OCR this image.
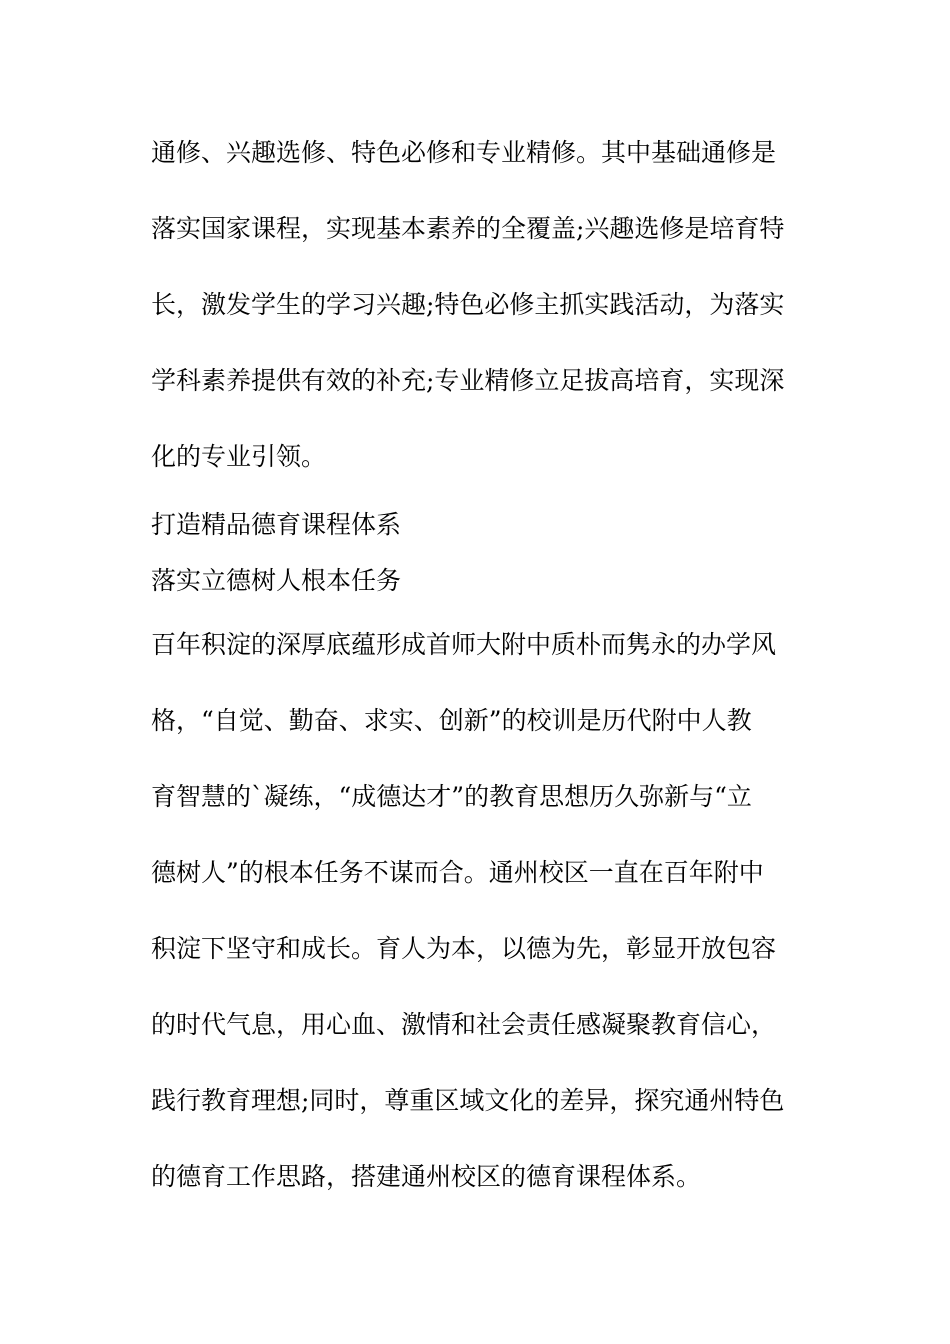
通修、兴趣选修、特色必修和专业精修。其中基础通修是
落实国家课程，实现基本素养的全覆盖;兴趣选修是培育特
长，激发学生的学习兴趣;特色必修主抓实践活动，为落实
学科素养提供有效的补充;专业精修立足拔高培育，实现深
化的专业引领。
打造精品德育课程体系
落实立德树人根本任务
百年积淀的深厚底蕴形成首师大附中质朴而隽永的办学风
格，“自觉、勤奋、求实、创新”的校训是历代附中人教
育智慧的`凝练，“成德达才”的教育思想历久弥新与“立
德树人”的根本任务不谋而合。通州校区一直在百年附中
积淀下坚守和成长。育人为本，以德为先，彰显开放包容
的时代气息，用心血、激情和社会责任感凝聚教育信心，
践行教育理想;同时，尊重区域文化的差异，探究通州特色
的德育工作思路，搭建通州校区的德育课程体系。
